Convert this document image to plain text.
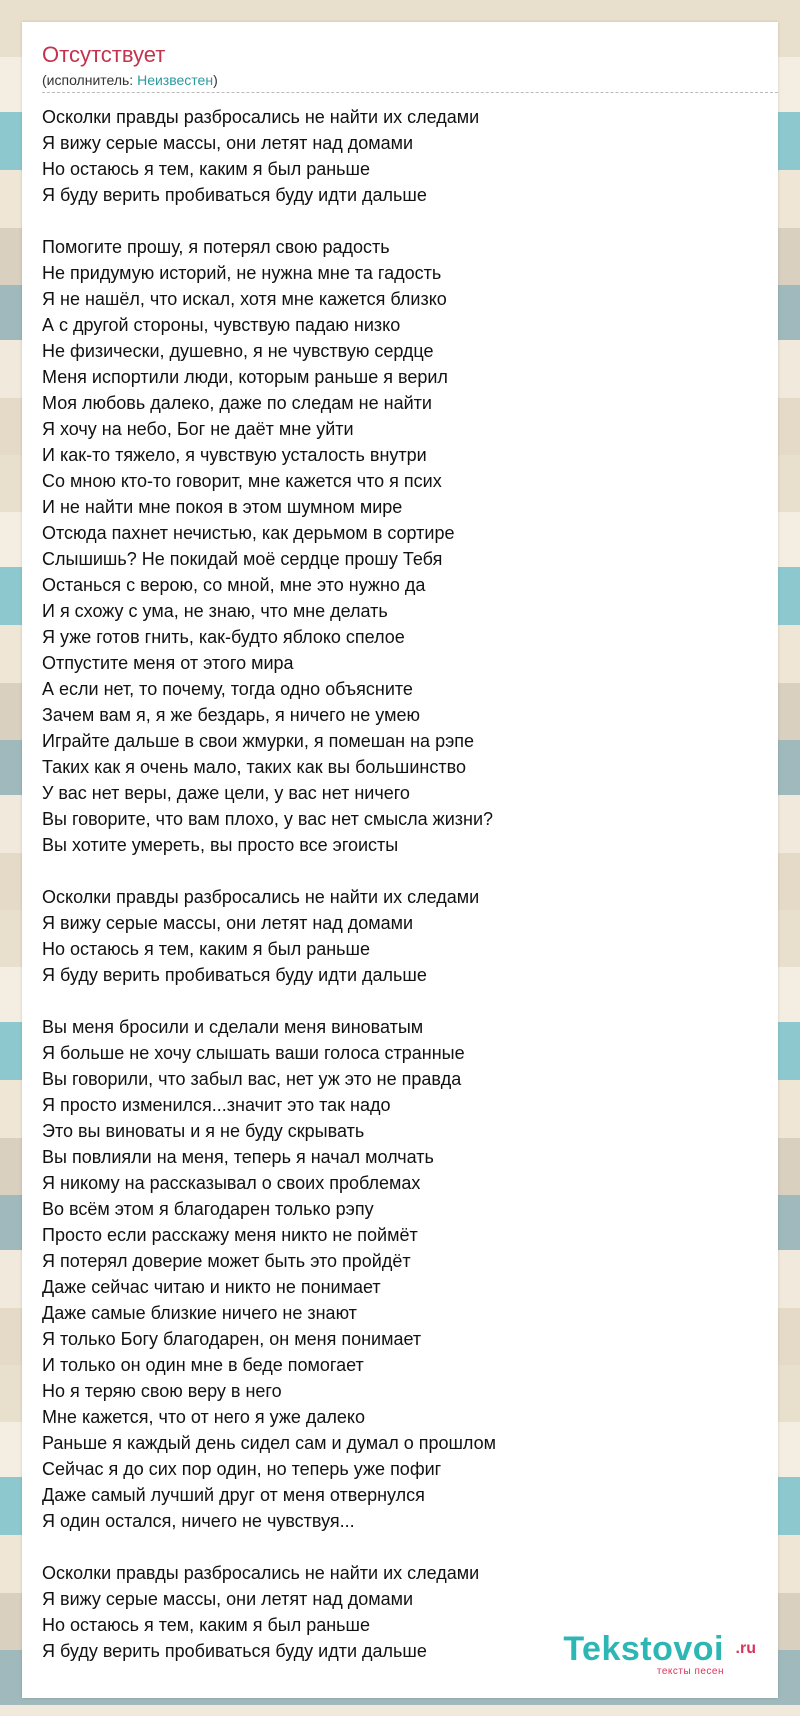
Отсутствует
(исполнитель: Неизвестен)
Осколки правды разбросались не найти их следами
Я вижу серые массы, они летят над домами
Но остаюсь я тем, каким я был раньше
Я буду верить пробиваться буду идти дальше
Помогите прошу, я потерял свою радость
Не придумую историй, не нужна мне та гадость
Я не нашёл, что искал, хотя мне кажется близко
А с другой стороны, чувствую падаю низко
Не физически, душевно, я не чувствую сердце
Меня испортили люди, которым раньше я верил
Моя любовь далеко, даже по следам не найти
Я хочу на небо, Бог не даёт мне уйти
И как-то тяжело, я чувствую усталость внутри
Со мною кто-то говорит, мне кажется что я псих
И не найти мне покоя в этом шумном мире
Отсюда пахнет нечистью, как дерьмом в сортире
Слышишь? Не покидай моё сердце прошу Тебя
Останься с верою, со мной, мне это нужно да
И я схожу с ума, не знаю, что мне делать
Я уже готов гнить, как-будто яблоко спелое
Отпустите меня от этого мира
А если нет, то почему, тогда одно объясните
Зачем вам я, я же бездарь, я ничего не умею
Играйте дальше в свои жмурки, я помешан на рэпе
Таких как я очень мало, таких как вы большинство
У вас нет веры, даже цели, у вас нет ничего
Вы говорите, что вам плохо, у вас нет смысла жизни?
Вы хотите умереть, вы просто все эгоисты
Осколки правды разбросались не найти их следами
Я вижу серые массы, они летят над домами
Но остаюсь я тем, каким я был раньше
Я буду верить пробиваться буду идти дальше
Вы меня бросили и сделали меня виноватым
Я больше не хочу слышать ваши голоса странные
Вы говорили, что забыл вас, нет уж это не правда
Я просто изменился...значит это так надо
Это вы виноваты и я не буду скрывать
Вы повлияли на меня, теперь я начал молчать
Я никому на рассказывал о своих проблемах
Во всём этом я благодарен только рэпу
Просто если расскажу меня никто не поймёт
Я потерял доверие может быть это пройдёт
Даже сейчас читаю и никто не понимает
Даже самые близкие ничего не знают
Я только Богу благодарен, он меня понимает
И только он один мне в беде помогает
Но я теряю свою веру в него
Мне кажется, что от него я уже далеко
Раньше я каждый день сидел сам и думал о прошлом
Сейчас я до сих пор один, но теперь уже пофиг
Даже самый лучший друг от меня отвернулся
Я один остался, ничего не чувствуя...
Осколки правды разбросались не найти их следами
Я вижу серые массы, они летят над домами
Но остаюсь я тем, каким я был раньше
Я буду верить пробиваться буду идти дальше	Tekstovoi .ru
тексты песен
